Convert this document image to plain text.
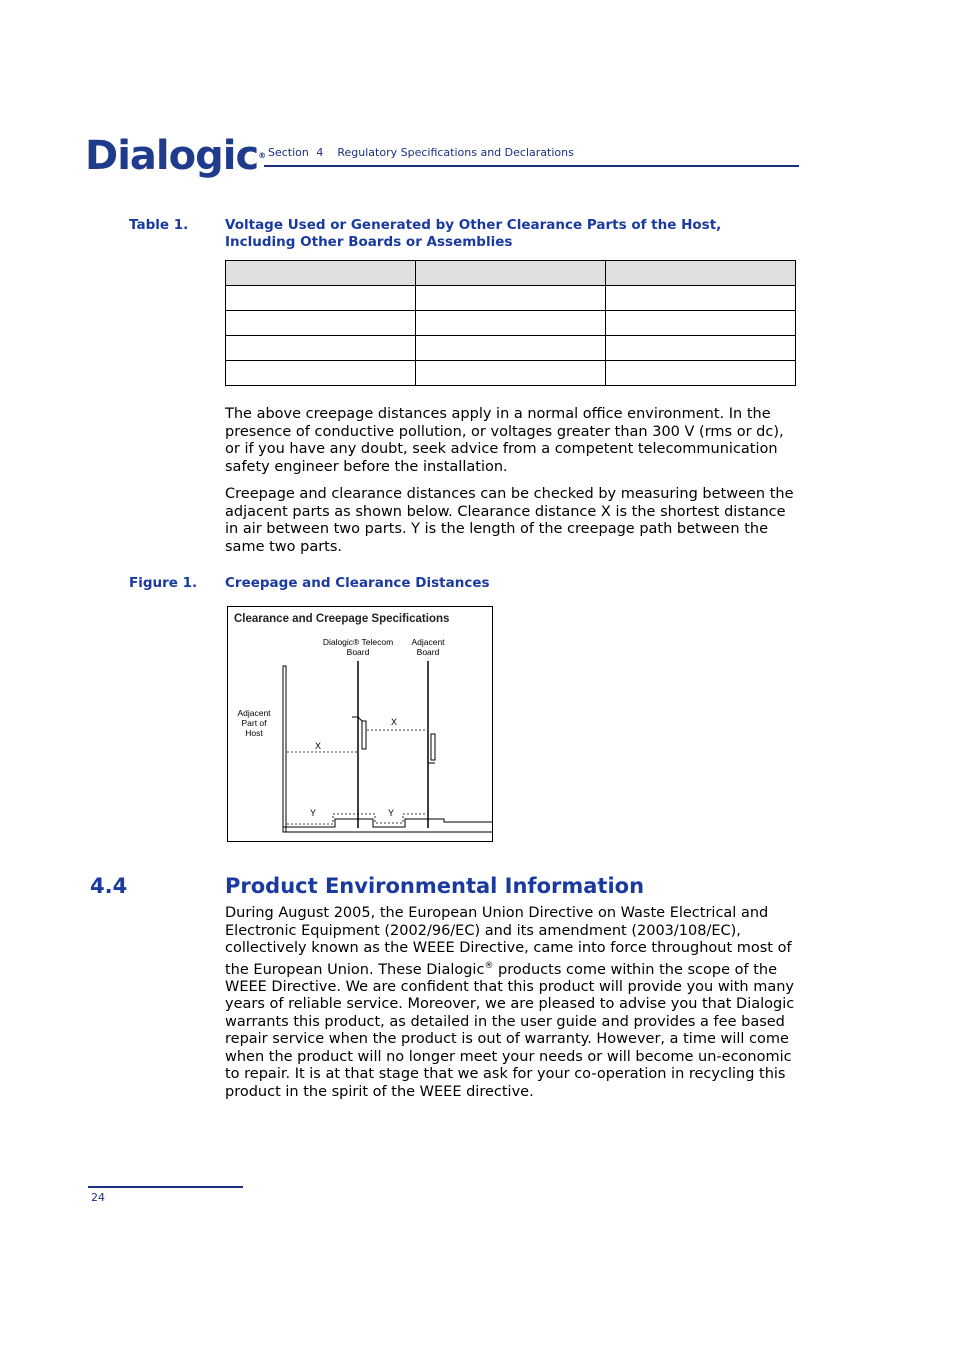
Dialogic® Section 4 Regulatory Specifications and Declarations
Table 1.	Voltage Used or Generated by Other Clearance Parts of the Host,
Including Other Boards or Assemblies

The above creepage distances apply in a normal office environment. In the presence of conductive pollution, or voltages greater than 300 V (rms or dc), or if you have any doubt, seek advice from a competent telecommunication safety engineer before the installation.
Creepage and clearance distances can be checked by measuring between the adjacent parts as shown below. Clearance distance X is the shortest distance in air between two parts. Y is the length of the creepage path between the same two parts.
Figure 1. Creepage and Clearance Distances
Clearance and Creepage Specifications
Dialogic® Telecom
Board
Adjacent
Board
Adjacent
Part of
Host
X
X
Y	Y
4.4	Product Environmental Information
During August 2005, the European Union Directive on Waste Electrical and Electronic Equipment (2002/96/EC) and its amendment (2003/108/EC), collectively known as the WEEE Directive, came into force throughout most of the European Union. These Dialogic® products come within the scope of the WEEE Directive. We are confident that this product will provide you with many years of reliable service. Moreover, we are pleased to advise you that Dialogic warrants this product, as detailed in the user guide and provides a fee based repair service when the product is out of warranty. However, a time will come when the product will no longer meet your needs or will become un-economic to repair. It is at that stage that we ask for your co-operation in recycling this product in the spirit of the WEEE directive.
24
